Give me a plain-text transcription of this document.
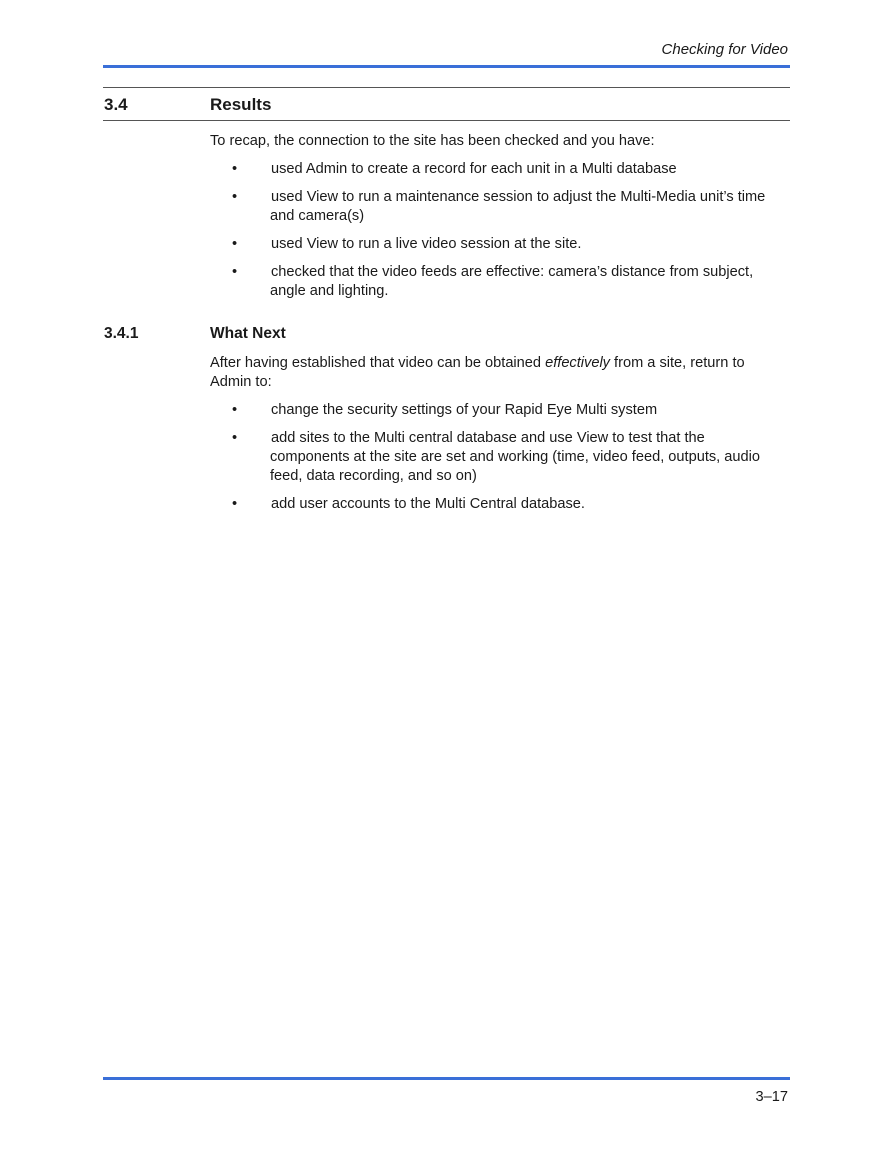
Checking for Video
3.4	Results

To recap, the connection to the site has been checked and you have:

• used Admin to create a record for each unit in a Multi database
• used View to run a maintenance session to adjust the Multi-Media unit’s time and camera(s)
• used View to run a live video session at the site.
• checked that the video feeds are effective: camera’s distance from subject, angle and lighting.
3.4.1	What Next

After having established that video can be obtained effectively from a site, return to Admin to:

• change the security settings of your Rapid Eye Multi system
• add sites to the Multi central database and use View to test that the components at the site are set and working (time, video feed, outputs, audio feed, data recording, and so on)
• add user accounts to the Multi Central database.
3–17
